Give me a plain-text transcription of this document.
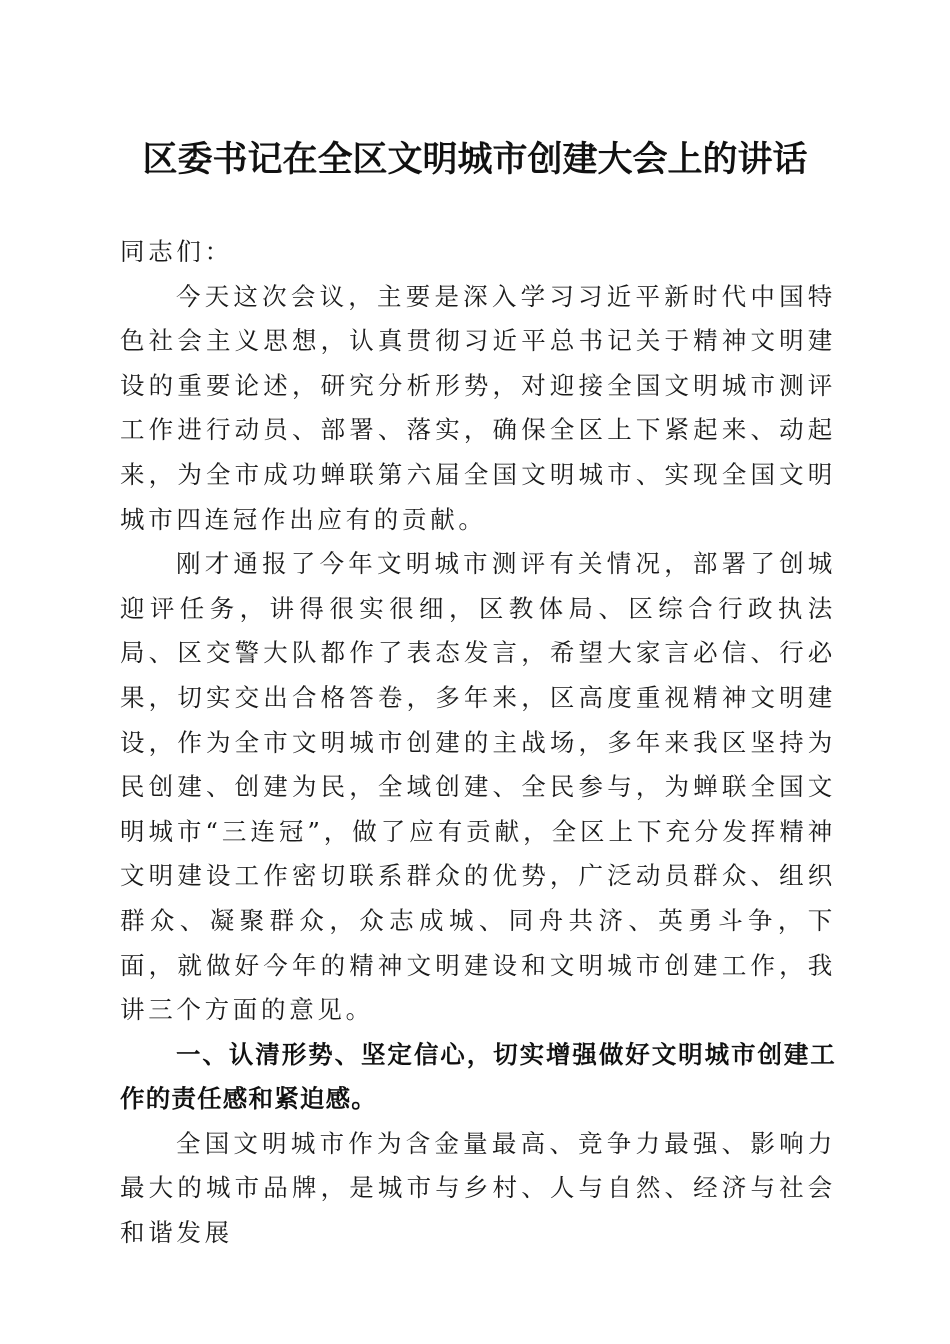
区委书记在全区文明城市创建大会上的讲话

同志们：

今天这次会议，主要是深入学习习近平新时代中国特色社会主义思想，认真贯彻习近平总书记关于精神文明建设的重要论述，研究分析形势，对迎接全国文明城市测评工作进行动员、部署、落实，确保全区上下紧起来、动起来，为全市成功蝉联第六届全国文明城市、实现全国文明城市四连冠作出应有的贡献。

刚才通报了今年文明城市测评有关情况，部署了创城迎评任务，讲得很实很细，区教体局、区综合行政执法局、区交警大队都作了表态发言，希望大家言必信、行必果，切实交出合格答卷，多年来，区高度重视精神文明建设，作为全市文明城市创建的主战场，多年来我区坚持为民创建、创建为民，全域创建、全民参与，为蝉联全国文明城市“三连冠”，做了应有贡献，全区上下充分发挥精神文明建设工作密切联系群众的优势，广泛动员群众、组织群众、凝聚群众，众志成城、同舟共济、英勇斗争，下面，就做好今年的精神文明建设和文明城市创建工作，我讲三个方面的意见。

一、认清形势、坚定信心，切实增强做好文明城市创建工作的责任感和紧迫感。

全国文明城市作为含金量最高、竞争力最强、影响力最大的城市品牌，是城市与乡村、人与自然、经济与社会和谐发展
